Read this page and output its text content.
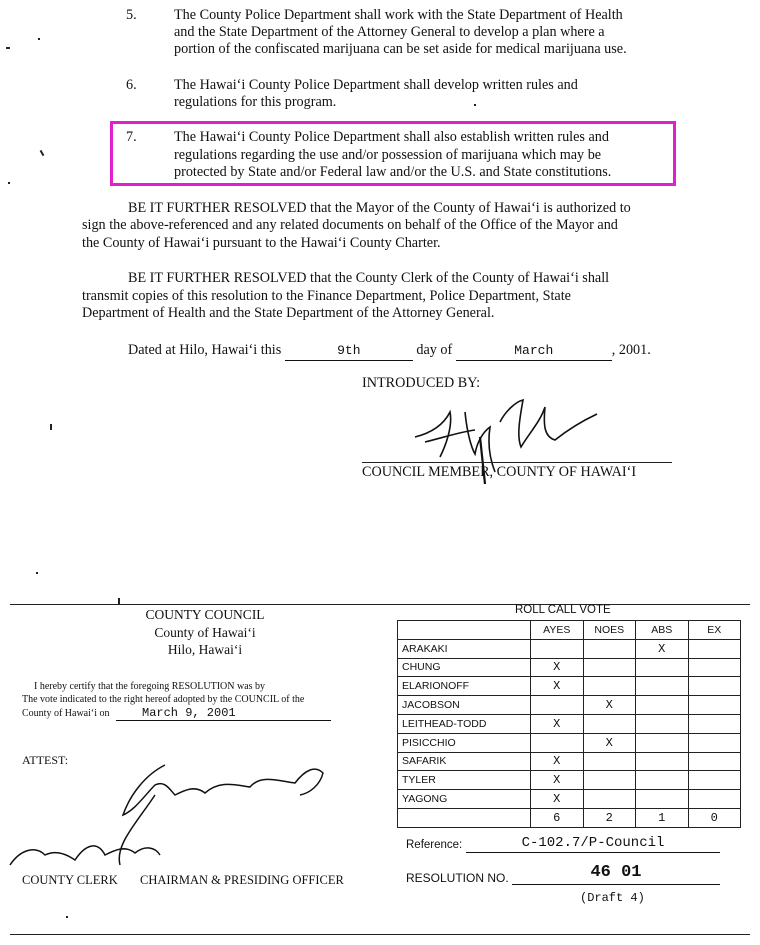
5.	The County Police Department shall work with the State Department of Health
and the State Department of the Attorney General to develop a plan where a
portion of the confiscated marijuana can be set aside for medical marijuana use.
6.	The Hawaiʻi County Police Department shall develop written rules and
regulations for this program.
7.	The Hawaiʻi County Police Department shall also establish written rules and
regulations regarding the use and/or possession of marijuana which may be
protected by State and/or Federal law and/or the U.S. and State constitutions.
BE IT FURTHER RESOLVED that the Mayor of the County of Hawaiʻi is authorized to
sign the above-referenced and any related documents on behalf of the Office of the Mayor and
the County of Hawaiʻi pursuant to the Hawaiʻi County Charter.
BE IT FURTHER RESOLVED that the County Clerk of the County of Hawaiʻi shall
transmit copies of this resolution to the Finance Department, Police Department, State
Department of Health and the State Department of the Attorney General.
Dated at Hilo, Hawaiʻi this	9th	day of	March	, 2001.
INTRODUCED BY:
COUNCIL MEMBER, COUNTY OF HAWAIʻI
COUNTY COUNCIL
County of Hawaiʻi
Hilo, Hawaiʻi
I hereby certify that the foregoing RESOLUTION was by
The vote indicated to the right hereof adopted by the COUNCIL of the
County of Hawaiʻi on	March 9, 2001
ATTEST:
COUNTY CLERK CHAIRMAN & PRESIDING OFFICER
ROLL CALL VOTE
	AYES	NOES	ABS	EX
ARAKAKI			X	
CHUNG	X			
ELARIONOFF	X			
JACOBSON		X		
LEITHEAD-TODD	X			
PISICCHIO		X		
SAFARIK	X			
TYLER	X			
YAGONG	X			
	6	2	1	0
Reference:	C-102.7/P-Council
RESOLUTION NO.	46 01
(Draft 4)
